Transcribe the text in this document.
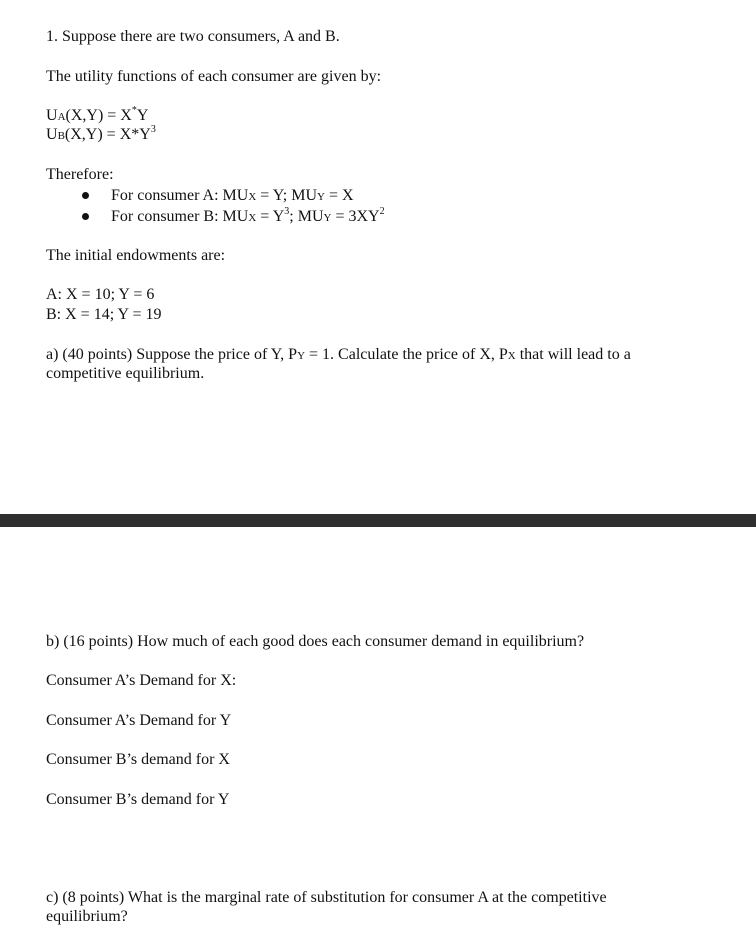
1. Suppose there are two consumers, A and B.
The utility functions of each consumer are given by:
UA(X,Y) = X*Y
$UB(X,Y) = X*Y^3$
Therefore:
For consumer A: MUX = Y; MUY = X
For consumer B: MUX = $Y^3$; MUY = $3XY^2$
The initial endowments are:
A: X = 10; Y = 6
B: X = 14; Y = 19
a) (40 points) Suppose the price of Y, PY = 1. Calculate the price of X, PX that will lead to a
competitive equilibrium.
b) (16 points) How much of each good does each consumer demand in equilibrium?
Consumer A’s Demand for X:
Consumer A’s Demand for Y
Consumer B’s demand for X
Consumer B’s demand for Y
c) (8 points) What is the marginal rate of substitution for consumer A at the competitive
equilibrium?
